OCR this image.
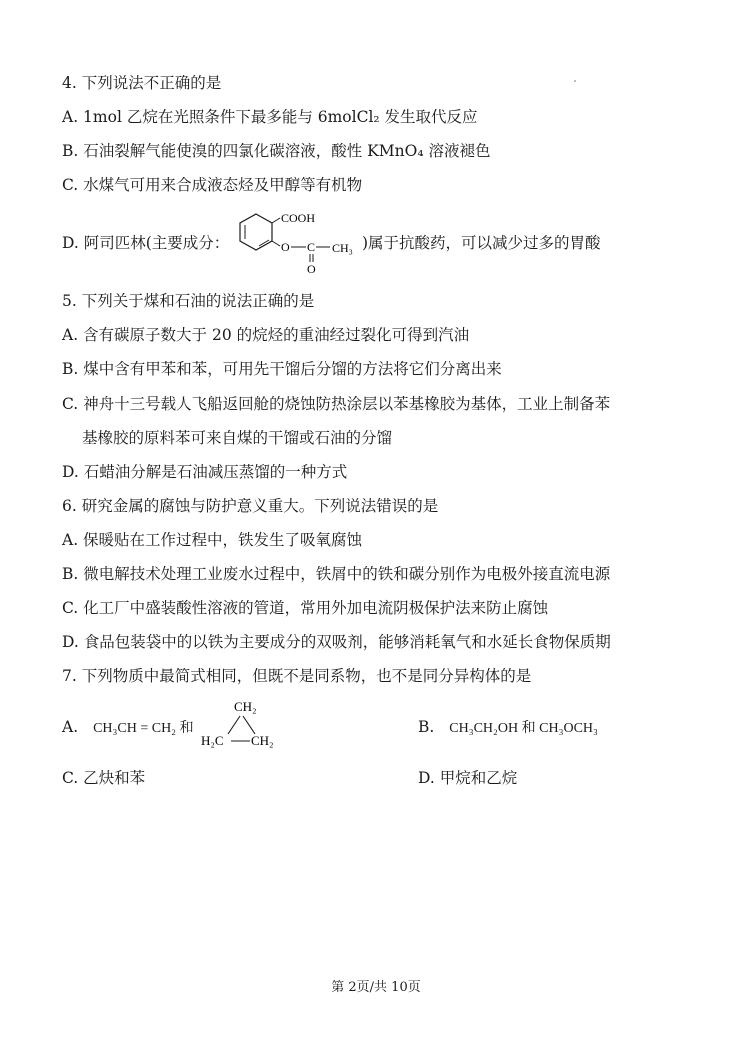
4. 下列说法不正确的是
A. 1mol 乙烷在光照条件下最多能与 6molCl₂ 发生取代反应
B. 石油裂解气能使溴的四氯化碳溶液，酸性 KMnO₄ 溶液褪色
C. 水煤气可用来合成液态烃及甲醇等有机物
D. 阿司匹林(主要成分：
COOH
O C CH₃
O
)属于抗酸药，可以减少过多的胃酸
5. 下列关于煤和石油的说法正确的是
A. 含有碳原子数大于 20 的烷烃的重油经过裂化可得到汽油
B. 煤中含有甲苯和苯，可用先干馏后分馏的方法将它们分离出来
C. 神舟十三号载人飞船返回舱的烧蚀防热涂层以苯基橡胶为基体，工业上制备苯
基橡胶的原料苯可来自煤的干馏或石油的分馏
D. 石蜡油分解是石油减压蒸馏的一种方式
6. 研究金属的腐蚀与防护意义重大。下列说法错误的是
A. 保暖贴在工作过程中，铁发生了吸氧腐蚀
B. 微电解技术处理工业废水过程中，铁屑中的铁和碳分别作为电极外接直流电源
C. 化工厂中盛装酸性溶液的管道，常用外加电流阴极保护法来防止腐蚀
D. 食品包装袋中的以铁为主要成分的双吸剂，能够消耗氧气和水延长食物保质期
7. 下列物质中最简式相同，但既不是同系物，也不是同分异构体的是
A. CH₃CH = CH₂ 和
CH₂
H₂C CH₂
B. CH₃CH₂OH 和 CH₃OCH₃
C. 乙炔和苯	D. 甲烷和乙烷
第 2页/共 10页
